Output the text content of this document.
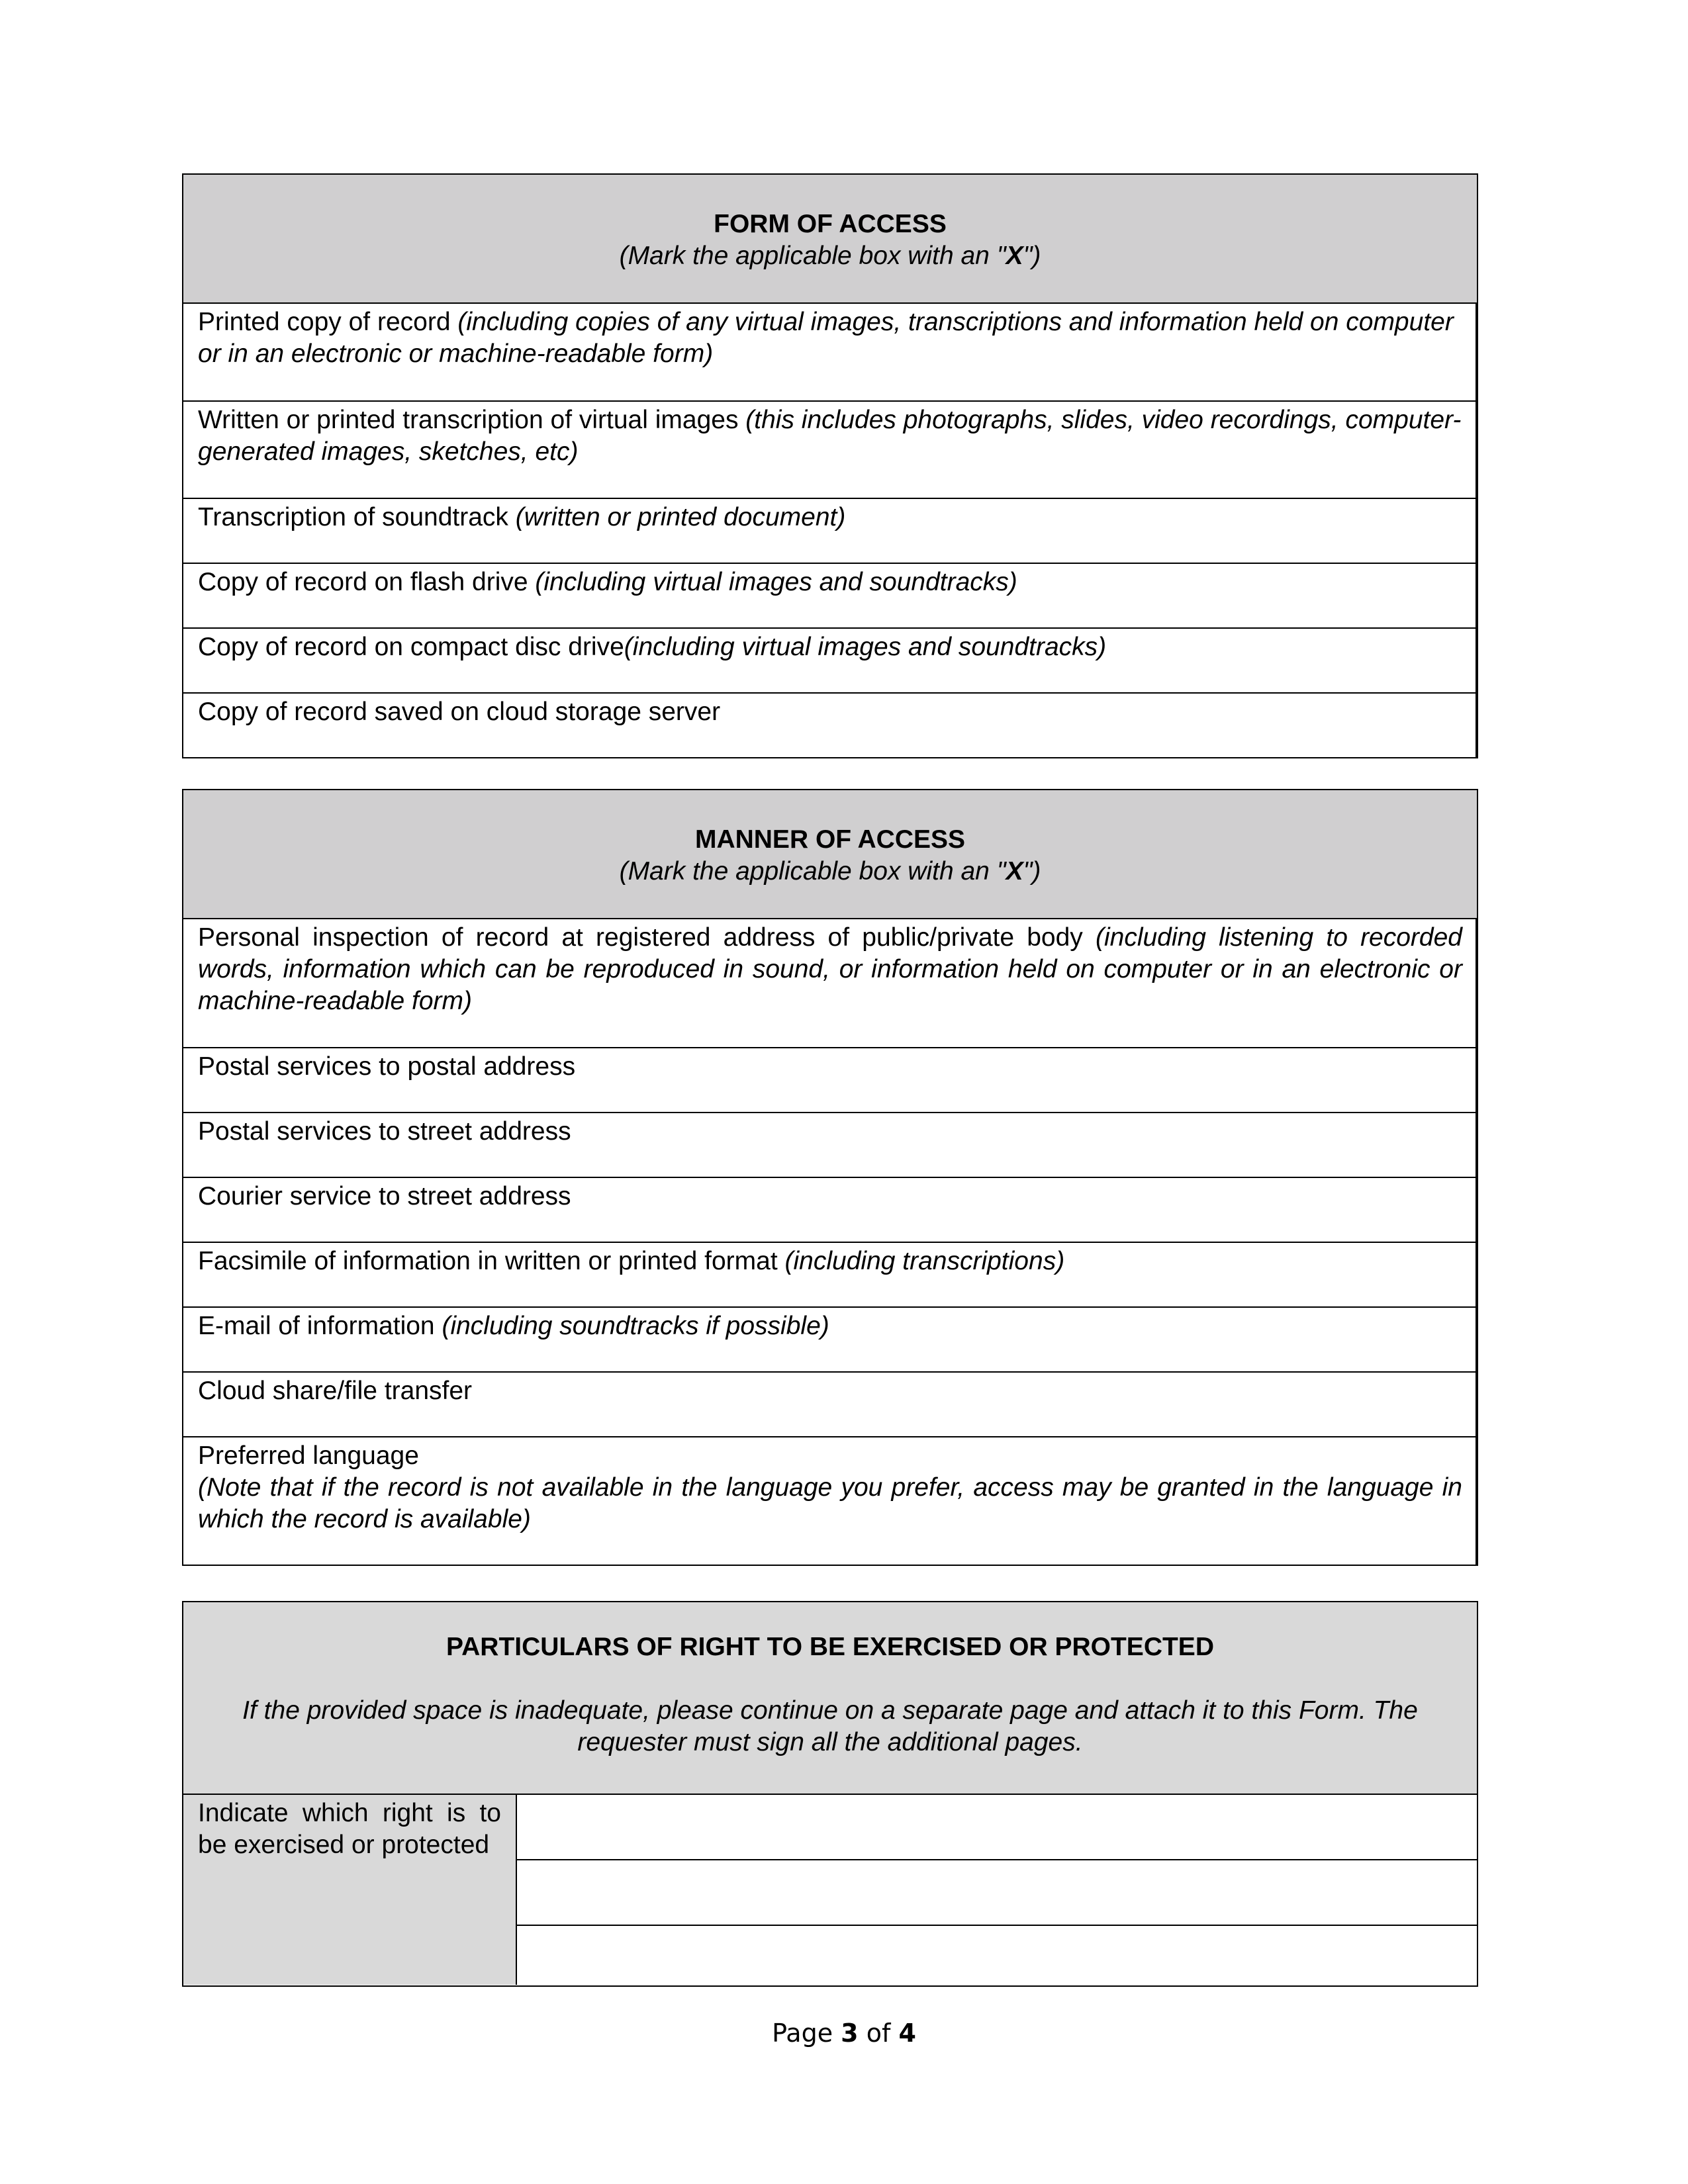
FORM OF ACCESS
(Mark the applicable box with an "X")
Printed copy of record (including copies of any virtual images, transcriptions and information held on computer or in an electronic or machine-readable form)
Written or printed transcription of virtual images (this includes photographs, slides, video recordings, computer-generated images, sketches, etc)
Transcription of soundtrack (written or printed document)
Copy of record on flash drive (including virtual images and soundtracks)
Copy of record on compact disc drive(including virtual images and soundtracks)
Copy of record saved on cloud storage server
MANNER OF ACCESS
(Mark the applicable box with an "X")
Personal inspection of record at registered address of public/private body (including listening to recorded words, information which can be reproduced in sound, or information held on computer or in an electronic or machine-readable form)
Postal services to postal address
Postal services to street address
Courier service to street address
Facsimile of information in written or printed format (including transcriptions)
E-mail of information (including soundtracks if possible)
Cloud share/file transfer
Preferred language
(Note that if the record is not available in the language you prefer, access may be granted in the language in which the record is available)
PARTICULARS OF RIGHT TO BE EXERCISED OR PROTECTED
If the provided space is inadequate, please continue on a separate page and attach it to this Form. The requester must sign all the additional pages.
Indicate which right is to be exercised or protected
Page 3 of 4
